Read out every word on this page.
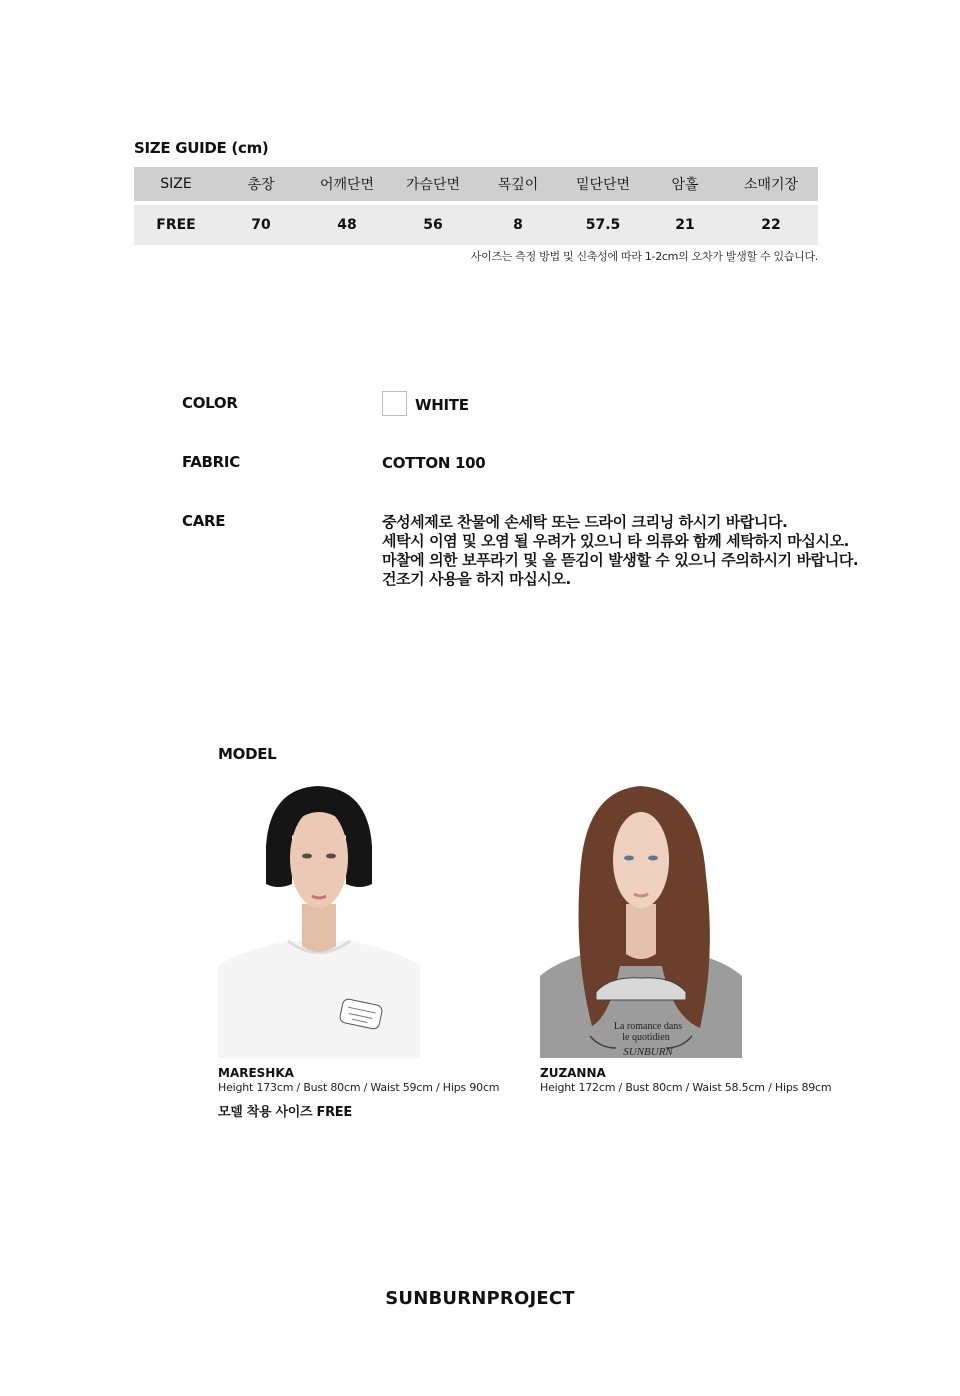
SIZE GUIDE (cm)
SIZE	총장	어깨단면	가슴단면	목깊이	밑단단면	암홀	소매기장
FREE	70	48	56	8	57.5	21	22
사이즈는 측정 방법 및 신축성에 따라 1-2cm의 오차가 발생할 수 있습니다.
COLOR	WHITE
FABRIC	COTTON 100
CARE	중성세제로 찬물에 손세탁 또는 드라이 크리닝 하시기 바랍니다.
세탁시 이염 및 오염 될 우려가 있으니 타 의류와 함께 세탁하지 마십시오.
마찰에 의한 보푸라기 및 올 뜯김이 발생할 수 있으니 주의하시기 바랍니다.
건조기 사용을 하지 마십시오.
MODEL
La romance dans
le quotidien
SUNBURN
MARESHKA
Height 173cm / Bust 80cm / Waist 59cm / Hips 90cm
ZUZANNA
Height 172cm / Bust 80cm / Waist 58.5cm / Hips 89cm
모델 착용 사이즈 FREE
SUNBURNPROJECT
